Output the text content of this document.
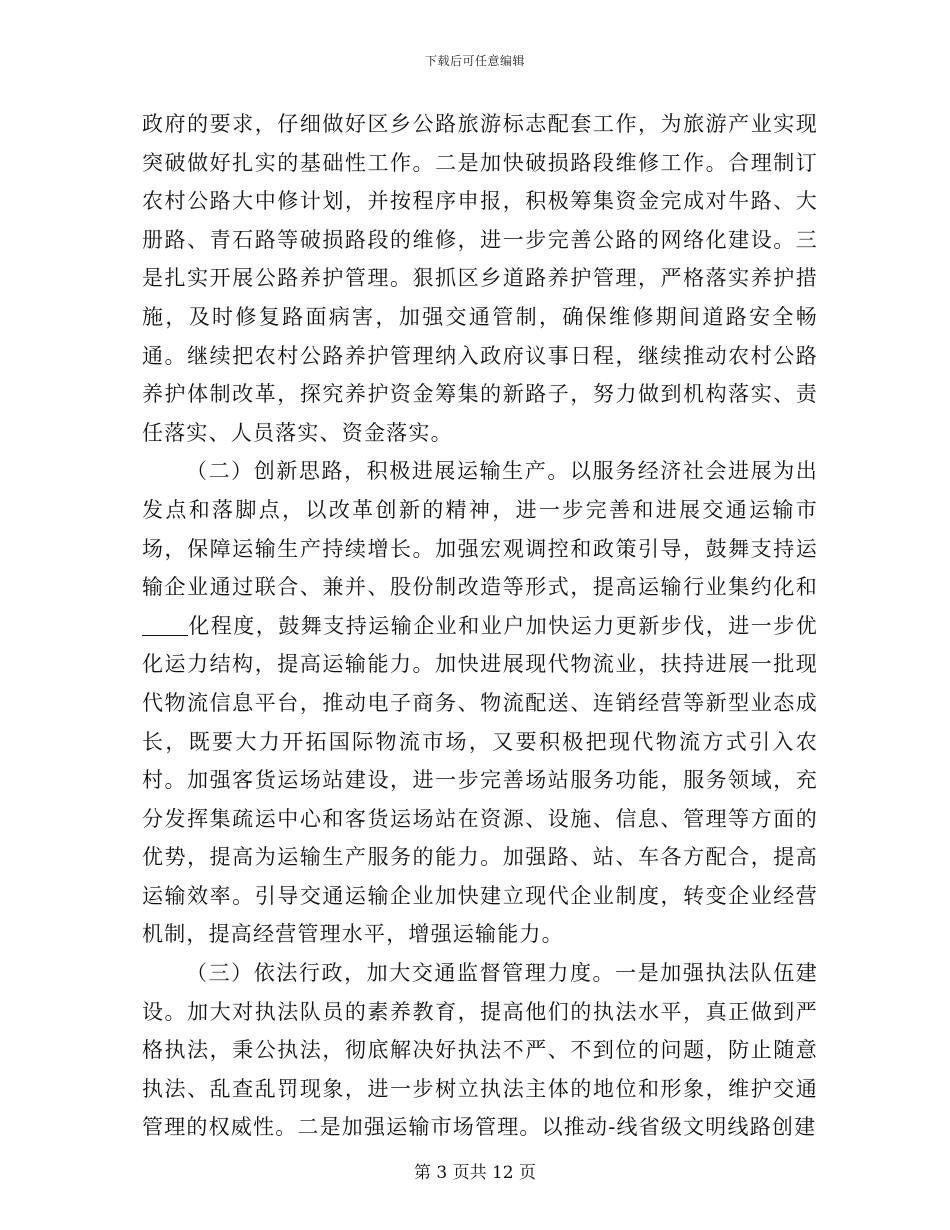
下载后可任意编辑

政府的要求，仔细做好区乡公路旅游标志配套工作，为旅游产业实现突破做好扎实的基础性工作。二是加快破损路段维修工作。合理制订农村公路大中修计划，并按程序申报，积极筹集资金完成对牛路、大册路、青石路等破损路段的维修，进一步完善公路的网络化建设。三是扎实开展公路养护管理。狠抓区乡道路养护管理，严格落实养护措施，及时修复路面病害，加强交通管制，确保维修期间道路安全畅通。继续把农村公路养护管理纳入政府议事日程，继续推动农村公路养护体制改革，探究养护资金筹集的新路子，努力做到机构落实、责任落实、人员落实、资金落实。

（二）创新思路，积极进展运输生产。以服务经济社会进展为出发点和落脚点，以改革创新的精神，进一步完善和进展交通运输市场，保障运输生产持续增长。加强宏观调控和政策引导，鼓舞支持运输企业通过联合、兼并、股份制改造等形式，提高运输行业集约化和化程度，鼓舞支持运输企业和业户加快运力更新步伐，进一步优化运力结构，提高运输能力。加快进展现代物流业，扶持进展一批现代物流信息平台，推动电子商务、物流配送、连销经营等新型业态成长，既要大力开拓国际物流市场，又要积极把现代物流方式引入农村。加强客货运场站建设，进一步完善场站服务功能，服务领域，充分发挥集疏运中心和客货运场站在资源、设施、信息、管理等方面的优势，提高为运输生产服务的能力。加强路、站、车各方配合，提高运输效率。引导交通运输企业加快建立现代企业制度，转变企业经营机制，提高经营管理水平，增强运输能力。

（三）依法行政，加大交通监督管理力度。一是加强执法队伍建设。加大对执法队员的素养教育，提高他们的执法水平，真正做到严格执法，秉公执法，彻底解决好执法不严、不到位的问题，防止随意执法、乱查乱罚现象，进一步树立执法主体的地位和形象，维护交通管理的权威性。二是加强运输市场管理。以推动-线省级文明线路创建

第 3 页共 12 页
